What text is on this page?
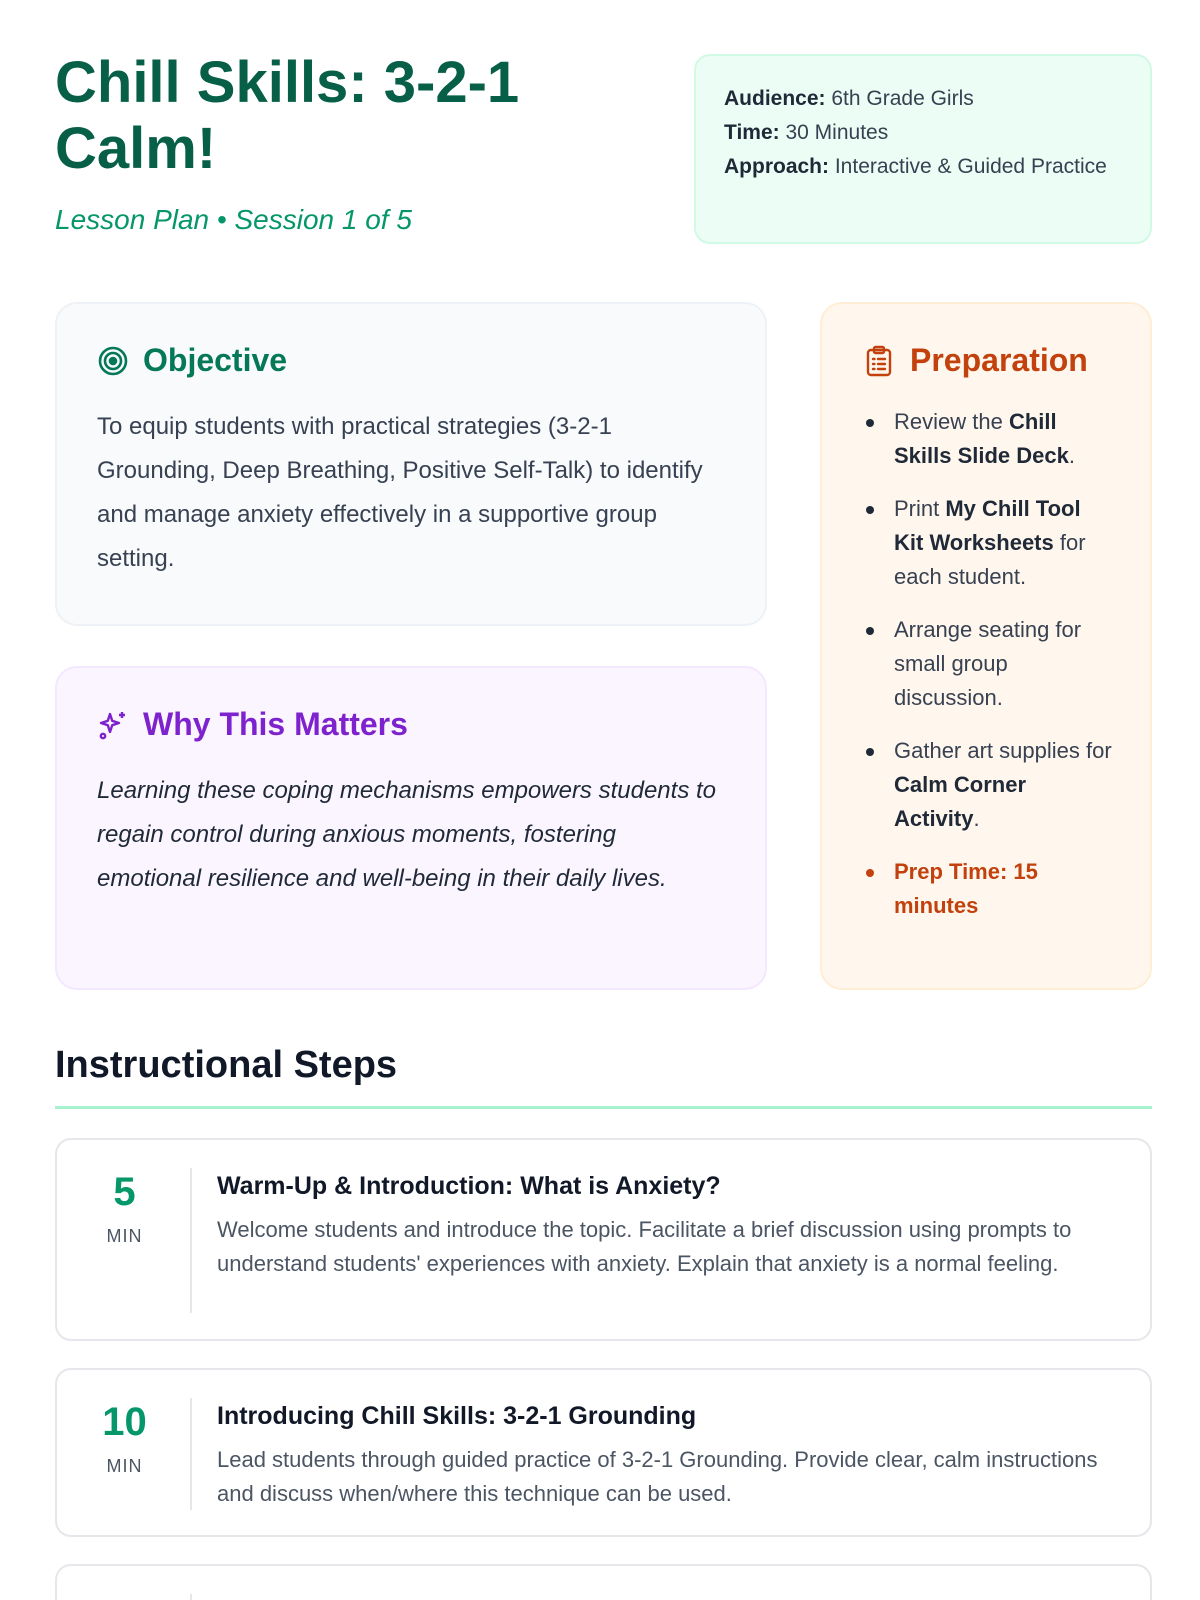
Chill Skills: 3-2-1 Calm!
Lesson Plan • Session 1 of 5
Audience: 6th Grade Girls
Time: 30 Minutes
Approach: Interactive & Guided Practice
Objective

To equip students with practical strategies (3-2-1 Grounding, Deep Breathing, Positive Self-Talk) to identify and manage anxiety effectively in a supportive group setting.

Why This Matters

Learning these coping mechanisms empowers students to regain control during anxious moments, fostering emotional resilience and well-being in their daily lives.

Preparation
Review the Chill Skills Slide Deck.
Print My Chill Tool Kit Worksheets for each student.
Arrange seating for small group discussion.
Gather art supplies for Calm Corner Activity.
Prep Time: 15 minutes
Instructional Steps
5
MIN
Warm-Up & Introduction: What is Anxiety?

Welcome students and introduce the topic. Facilitate a brief discussion using prompts to understand students' experiences with anxiety. Explain that anxiety is a normal feeling.

10
MIN
Introducing Chill Skills: 3-2-1 Grounding

Lead students through guided practice of 3-2-1 Grounding. Provide clear, calm instructions and discuss when/where this technique can be used.
